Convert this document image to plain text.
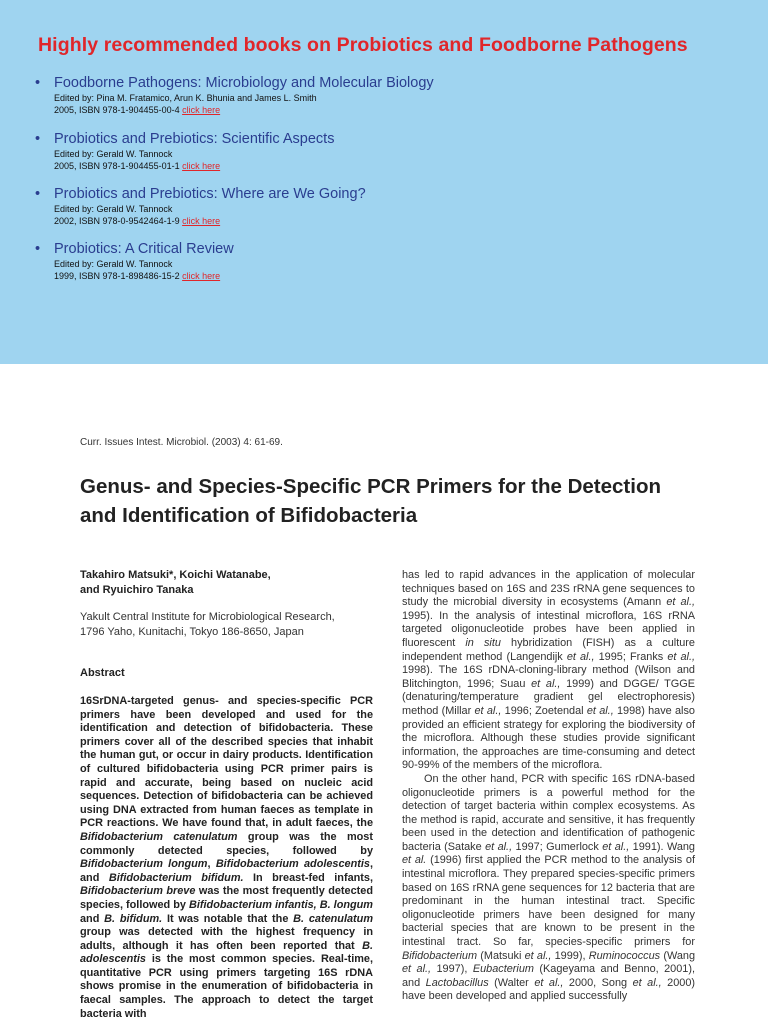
Highly recommended books on Probiotics and Foodborne Pathogens
• Foodborne Pathogens: Microbiology and Molecular Biology
Edited by: Pina M. Fratamico, Arun K. Bhunia and James L. Smith
2005, ISBN 978-1-904455-00-4 click here
• Probiotics and Prebiotics: Scientific Aspects
Edited by: Gerald W. Tannock
2005, ISBN 978-1-904455-01-1 click here
• Probiotics and Prebiotics: Where are We Going?
Edited by: Gerald W. Tannock
2002, ISBN 978-0-9542464-1-9 click here
• Probiotics: A Critical Review
Edited by: Gerald W. Tannock
1999, ISBN 978-1-898486-15-2 click here
Curr. Issues Intest. Microbiol. (2003) 4: 61-69.
Genus- and Species-Specific PCR Primers for the Detection and Identification of Bifidobacteria
Takahiro Matsuki*, Koichi Watanabe,
and Ryuichiro Tanaka
Yakult Central Institute for Microbiological Research,
1796 Yaho, Kunitachi, Tokyo 186-8650, Japan
Abstract
16SrDNA-targeted genus- and species-specific PCR primers have been developed and used for the identification and detection of bifidobacteria. These primers cover all of the described species that inhabit the human gut, or occur in dairy products. Identification of cultured bifidobacteria using PCR primer pairs is rapid and accurate, being based on nucleic acid sequences. Detection of bifidobacteria can be achieved using DNA extracted from human faeces as template in PCR reactions. We have found that, in adult faeces, the Bifidobacterium catenulatum group was the most commonly detected species, followed by Bifidobacterium longum, Bifidobacterium adolescentis, and Bifidobacterium bifidum. In breast-fed infants, Bifidobacterium breve was the most frequently detected species, followed by Bifidobacterium infantis, B. longum and B. bifidum. It was notable that the B. catenulatum group was detected with the highest frequency in adults, although it has often been reported that B. adolescentis is the most common species. Real-time, quantitative PCR using primers targeting 16S rDNA shows promise in the enumeration of bifidobacteria in faecal samples. The approach to detect the target bacteria with

has led to rapid advances in the application of molecular techniques based on 16S and 23S rRNA gene sequences to study the microbial diversity in ecosystems (Amann et al., 1995). In the analysis of intestinal microflora, 16S rRNA targeted oligonucleotide probes have been applied in fluorescent in situ hybridization (FISH) as a culture independent method (Langendijk et al., 1995; Franks et al., 1998). The 16S rDNA-cloning-library method (Wilson and Blitchington, 1996; Suau et al., 1999) and DGGE/ TGGE (denaturing/temperature gradient gel electrophoresis) method (Millar et al., 1996; Zoetendal et al., 1998) have also provided an efficient strategy for exploring the biodiversity of the microflora. Although these studies provide significant information, the approaches are time-consuming and detect 90-99% of the members of the microflora.

On the other hand, PCR with specific 16S rDNA-based oligonucleotide primers is a powerful method for the detection of target bacteria within complex ecosystems. As the method is rapid, accurate and sensitive, it has frequently been used in the detection and identification of pathogenic bacteria (Satake et al., 1997; Gumerlock et al., 1991). Wang et al. (1996) first applied the PCR method to the analysis of intestinal microflora. They prepared species-specific primers based on 16S rRNA gene sequences for 12 bacteria that are predominant in the human intestinal tract. Specific oligonucleotide primers have been designed for many bacterial species that are known to be present in the intestinal tract. So far, species-specific primers for Bifidobacterium (Matsuki et al., 1999), Ruminococcus (Wang et al., 1997), Eubacterium (Kageyama and Benno, 2001), and Lactobacillus (Walter et al., 2000, Song et al., 2000) have been developed and applied successfully
